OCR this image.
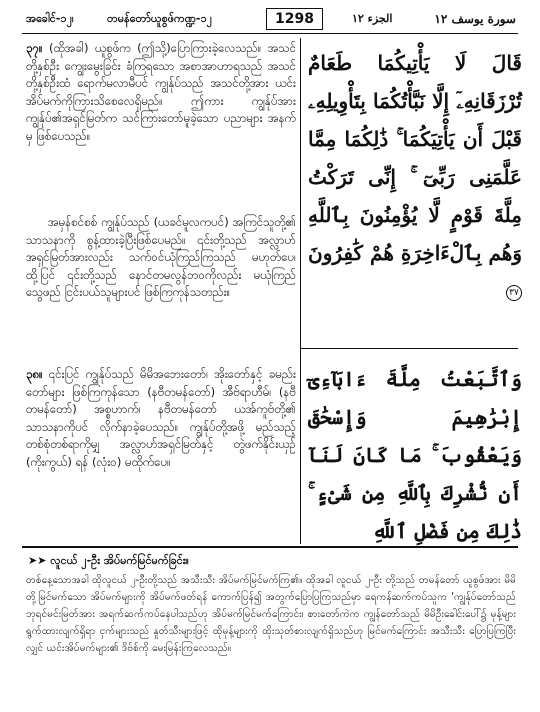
အခေါင်-၁၂၊	တမန်တော်ယူစွဖ်ကဏ္ဍ-၁၂	1298	الجزء ١٢	سورة يوسف ١٢
၃၇။ (ထိုအခါ) ယူစွဖ်က (ဤသို့)ပြောကြားခဲ့လေသည်။ အသင်တို့နှစ်ဦး ကျွေးမွေးခြင်း ခံကြရသော အစာအာဟာရသည် အသင်တို့နှစ်ဦးထံ ရောက်မလာမီပင် ကျွန်ုပ်သည် အသင်တို့အား ယင်းအိပ်မက်ကိုကြားသိစေလေရှိမည်။ ဤကား ကျွန်ုပ်အား ကျွန်ုပ်၏အရှင်မြတ်က သင်ကြားတော်မူခဲ့သော ပညာများ အနက်မှ ဖြစ်ပေသည်။
အမှန်စင်စစ် ကျွန်ုပ်သည် (ယခင်မူလကပင်) အကြင်သူတို့၏ သာသနာကို စွန့်ထားခဲ့ပြီးဖြစ်ပေမည်။ ၎င်းတို့သည် အလ္လာဟ် အရှင်မြတ်အားလည်း သက်ဝင်ယုံကြည်ကြသည် မဟုတ်ပေ၊ ထို့ပြင် ၎င်းတို့သည် နောင်တမလွန်ဘဝကိုလည်း မယုံကြည်သွေဖည် ငြင်းပယ်သူများပင် ဖြစ်ကြကုန်သတည်း။
၃၈။ ၎င်းပြင် ကျွန်ုပ်သည် မိမိအဘေးတော်၊ အိုးတော်နှင့် ခမည်းတော်များ ဖြစ်ကြကုန်သော (နဗီတမန်တော်) အီဗ်ရာဟီမ်၊ (နဗီတမန်တော်) အစ္စဟာက်၊ နဗီတမန်တော် ယအ်ကူဗ်တို့၏ သာသနာကိုပင် လိုက်နာခဲ့ပေသည်။ ကျွန်ုပ်တို့အဖို့ မည်သည့်တစ်စုံတစ်ရာကိုမျှ အလ္လာဟ်အရှင်မြတ်နှင့် တွဲဖက်နိုင်းယှဉ် (ကိုးကွယ်) ရန် (လုံး၀) မထိုက်ပေ။
قَالَ لَا يَأْتِيكُمَا طَعَامٌ تُرْزَقَانِهِۦٓ إِلَّا نَبَّأْتُكُمَا بِتَأْوِيلِهِۦ قَبْلَ أَن يَأْتِيَكُمَا ۚ ذَٰلِكُمَا مِمَّا عَلَّمَنِى رَبِّىٓ ۚ إِنِّى تَرَكْتُ مِلَّةَ قَوْمٍ لَّا يُؤْمِنُونَ بِٱللَّهِ وَهُم بِٱلْءَاخِرَةِ هُمْ كَٰفِرُونَ ٣٧
وَٱتَّبَعْتُ مِلَّةَ ءَابَآءِىٓ إِبْرَٰهِيمَ وَإِسْحَٰقَ وَيَعْقُوبَ ۚ مَا كَانَ لَنَآ أَن نُّشْرِكَ بِٱللَّهِ مِن شَىْءٍ ۚ ذَٰلِكَ مِن فَضْلِ ٱللَّهِ
➤➤ လူငယ် ၂-ဦး အိပ်မက်မြင်မက်ခြင်း။
တစ်နေ့သောအခါ ထိုလူငယ် ၂-ဦးတို့သည် အသီးသီး အိပ်မက်မြင်မက်ကြ၏။ ထိုအခါ လူငယ် ၂-ဦး တို့သည် တမန်တော် ယူစွဖ်အား မိမိတို့မြင်မက်သော အိပ်မက်များကို အိပ်မက်ဖတ်ရန် ကောက်ပြန်၍ အတွက်ပြောပြကြသည်မှာ ရေကန်ဆက်ကပ်သူက 'ကျွန်ုပ်တော်သည် ဘုရင်မင်းမြတ်အား အရက်ဆက်ကပ်နေပါသည်ဟု အိပ်မက်မြင်မက်ကြောင်း၊ စားတော်ကဲက ကျွန်တော်သည် မိမိဦးခေါင်းပေါ်၌ မုန့်များ ရွက်ထားလျက်ရှိရာ ငှက်များသည် နှုတ်သီးများဖြင့် ထိုမုန့်များကို ထိုးသုတ်စားလျက်ရှိသည်ဟု မြင်မက်ကြောင်း အသီးသီး ပြောပြကြပြီးလျှင် ယင်းအိပ်မက်များ၏ ဒိဗ်စ်ကို မေးမြန်းကြလေသည်။
